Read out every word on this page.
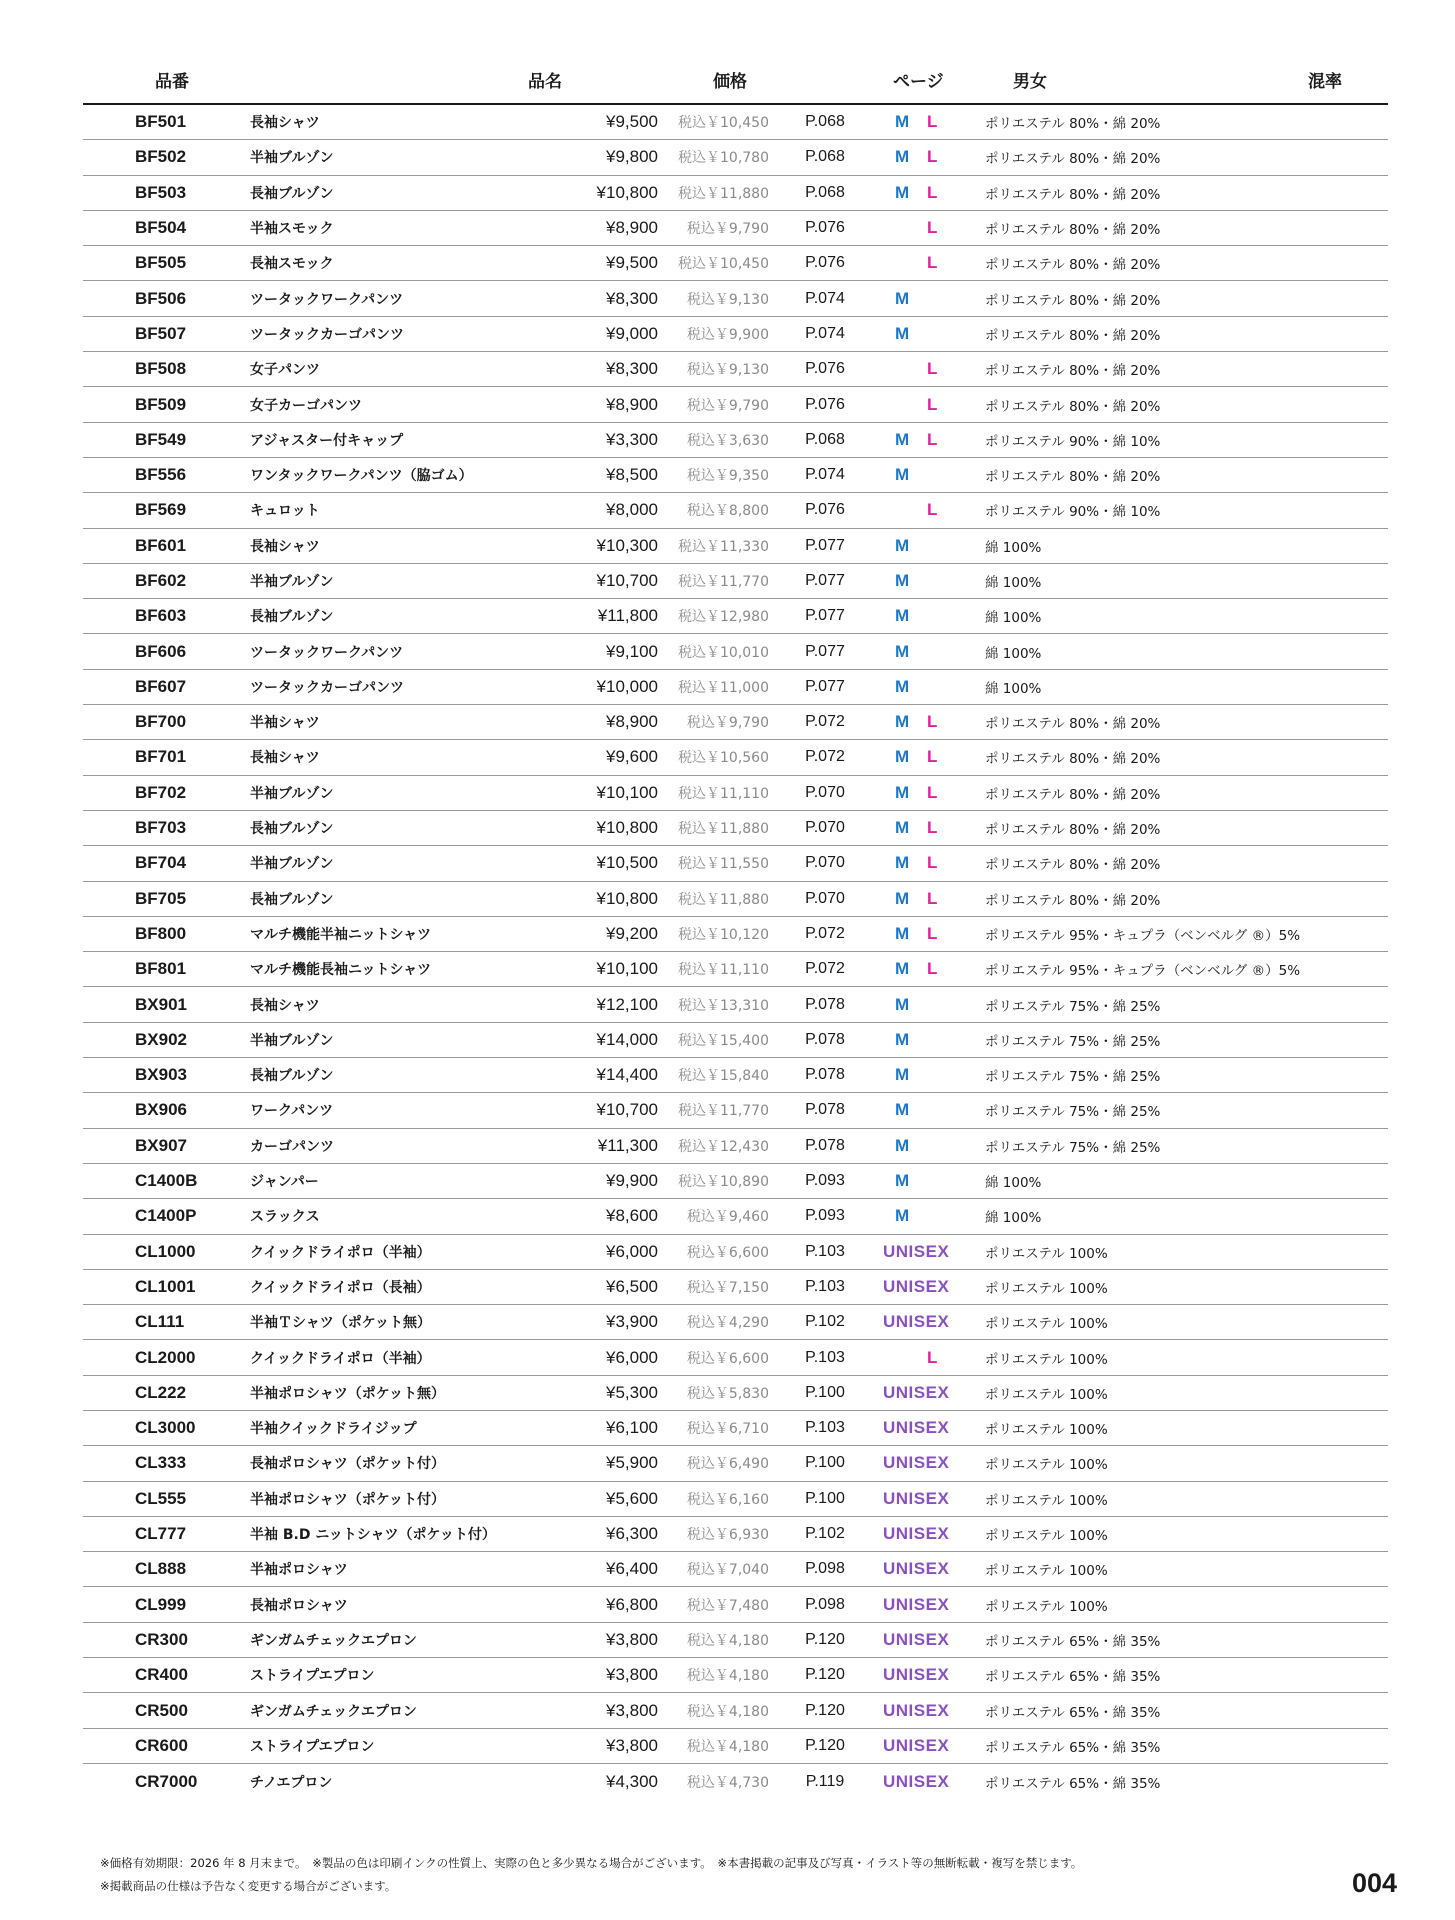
品番	品名	価格	ページ	男女	混率
BF501	長袖シャツ	¥9,500	税込￥10,450	P.068	M L	ポリエステル 80%・綿 20%
BF502	半袖ブルゾン	¥9,800	税込￥10,780	P.068	M L	ポリエステル 80%・綿 20%
BF503	長袖ブルゾン	¥10,800	税込￥11,880	P.068	M L	ポリエステル 80%・綿 20%
BF504	半袖スモック	¥8,900	税込￥9,790	P.076	L	ポリエステル 80%・綿 20%
BF505	長袖スモック	¥9,500	税込￥10,450	P.076	L	ポリエステル 80%・綿 20%
BF506	ツータックワークパンツ	¥8,300	税込￥9,130	P.074	M	ポリエステル 80%・綿 20%
BF507	ツータックカーゴパンツ	¥9,000	税込￥9,900	P.074	M	ポリエステル 80%・綿 20%
BF508	女子パンツ	¥8,300	税込￥9,130	P.076	L	ポリエステル 80%・綿 20%
BF509	女子カーゴパンツ	¥8,900	税込￥9,790	P.076	L	ポリエステル 80%・綿 20%
BF549	アジャスター付キャップ	¥3,300	税込￥3,630	P.068	M L	ポリエステル 90%・綿 10%
BF556	ワンタックワークパンツ（脇ゴム）	¥8,500	税込￥9,350	P.074	M	ポリエステル 80%・綿 20%
BF569	キュロット	¥8,000	税込￥8,800	P.076	L	ポリエステル 90%・綿 10%
BF601	長袖シャツ	¥10,300	税込￥11,330	P.077	M	綿 100%
BF602	半袖ブルゾン	¥10,700	税込￥11,770	P.077	M	綿 100%
BF603	長袖ブルゾン	¥11,800	税込￥12,980	P.077	M	綿 100%
BF606	ツータックワークパンツ	¥9,100	税込￥10,010	P.077	M	綿 100%
BF607	ツータックカーゴパンツ	¥10,000	税込￥11,000	P.077	M	綿 100%
BF700	半袖シャツ	¥8,900	税込￥9,790	P.072	M L	ポリエステル 80%・綿 20%
BF701	長袖シャツ	¥9,600	税込￥10,560	P.072	M L	ポリエステル 80%・綿 20%
BF702	半袖ブルゾン	¥10,100	税込￥11,110	P.070	M L	ポリエステル 80%・綿 20%
BF703	長袖ブルゾン	¥10,800	税込￥11,880	P.070	M L	ポリエステル 80%・綿 20%
BF704	半袖ブルゾン	¥10,500	税込￥11,550	P.070	M L	ポリエステル 80%・綿 20%
BF705	長袖ブルゾン	¥10,800	税込￥11,880	P.070	M L	ポリエステル 80%・綿 20%
BF800	マルチ機能半袖ニットシャツ	¥9,200	税込￥10,120	P.072	M L	ポリエステル 95%・キュプラ（ベンベルグ ®）5%
BF801	マルチ機能長袖ニットシャツ	¥10,100	税込￥11,110	P.072	M L	ポリエステル 95%・キュプラ（ベンベルグ ®）5%
BX901	長袖シャツ	¥12,100	税込￥13,310	P.078	M	ポリエステル 75%・綿 25%
BX902	半袖ブルゾン	¥14,000	税込￥15,400	P.078	M	ポリエステル 75%・綿 25%
BX903	長袖ブルゾン	¥14,400	税込￥15,840	P.078	M	ポリエステル 75%・綿 25%
BX906	ワークパンツ	¥10,700	税込￥11,770	P.078	M	ポリエステル 75%・綿 25%
BX907	カーゴパンツ	¥11,300	税込￥12,430	P.078	M	ポリエステル 75%・綿 25%
C1400B	ジャンパー	¥9,900	税込￥10,890	P.093	M	綿 100%
C1400P	スラックス	¥8,600	税込￥9,460	P.093	M	綿 100%
CL1000	クイックドライポロ（半袖）	¥6,000	税込￥6,600	P.103	UNISEX	ポリエステル 100%
CL1001	クイックドライポロ（長袖）	¥6,500	税込￥7,150	P.103	UNISEX	ポリエステル 100%
CL111	半袖Ｔシャツ（ポケット無）	¥3,900	税込￥4,290	P.102	UNISEX	ポリエステル 100%
CL2000	クイックドライポロ（半袖）	¥6,000	税込￥6,600	P.103	L	ポリエステル 100%
CL222	半袖ポロシャツ（ポケット無）	¥5,300	税込￥5,830	P.100	UNISEX	ポリエステル 100%
CL3000	半袖クイックドライジップ	¥6,100	税込￥6,710	P.103	UNISEX	ポリエステル 100%
CL333	長袖ポロシャツ（ポケット付）	¥5,900	税込￥6,490	P.100	UNISEX	ポリエステル 100%
CL555	半袖ポロシャツ（ポケット付）	¥5,600	税込￥6,160	P.100	UNISEX	ポリエステル 100%
CL777	半袖 B.D ニットシャツ（ポケット付）	¥6,300	税込￥6,930	P.102	UNISEX	ポリエステル 100%
CL888	半袖ポロシャツ	¥6,400	税込￥7,040	P.098	UNISEX	ポリエステル 100%
CL999	長袖ポロシャツ	¥6,800	税込￥7,480	P.098	UNISEX	ポリエステル 100%
CR300	ギンガムチェックエプロン	¥3,800	税込￥4,180	P.120	UNISEX	ポリエステル 65%・綿 35%
CR400	ストライプエプロン	¥3,800	税込￥4,180	P.120	UNISEX	ポリエステル 65%・綿 35%
CR500	ギンガムチェックエプロン	¥3,800	税込￥4,180	P.120	UNISEX	ポリエステル 65%・綿 35%
CR600	ストライプエプロン	¥3,800	税込￥4,180	P.120	UNISEX	ポリエステル 65%・綿 35%
CR7000	チノエプロン	¥4,300	税込￥4,730	P.119	UNISEX	ポリエステル 65%・綿 35%
※価格有効期限：2026 年 8 月末まで。　※製品の色は印刷インクの性質上、実際の色と多少異なる場合がございます。　※本書掲載の記事及び写真・イラスト等の無断転載・複写を禁じます。
※掲載商品の仕様は予告なく変更する場合がございます。	004
